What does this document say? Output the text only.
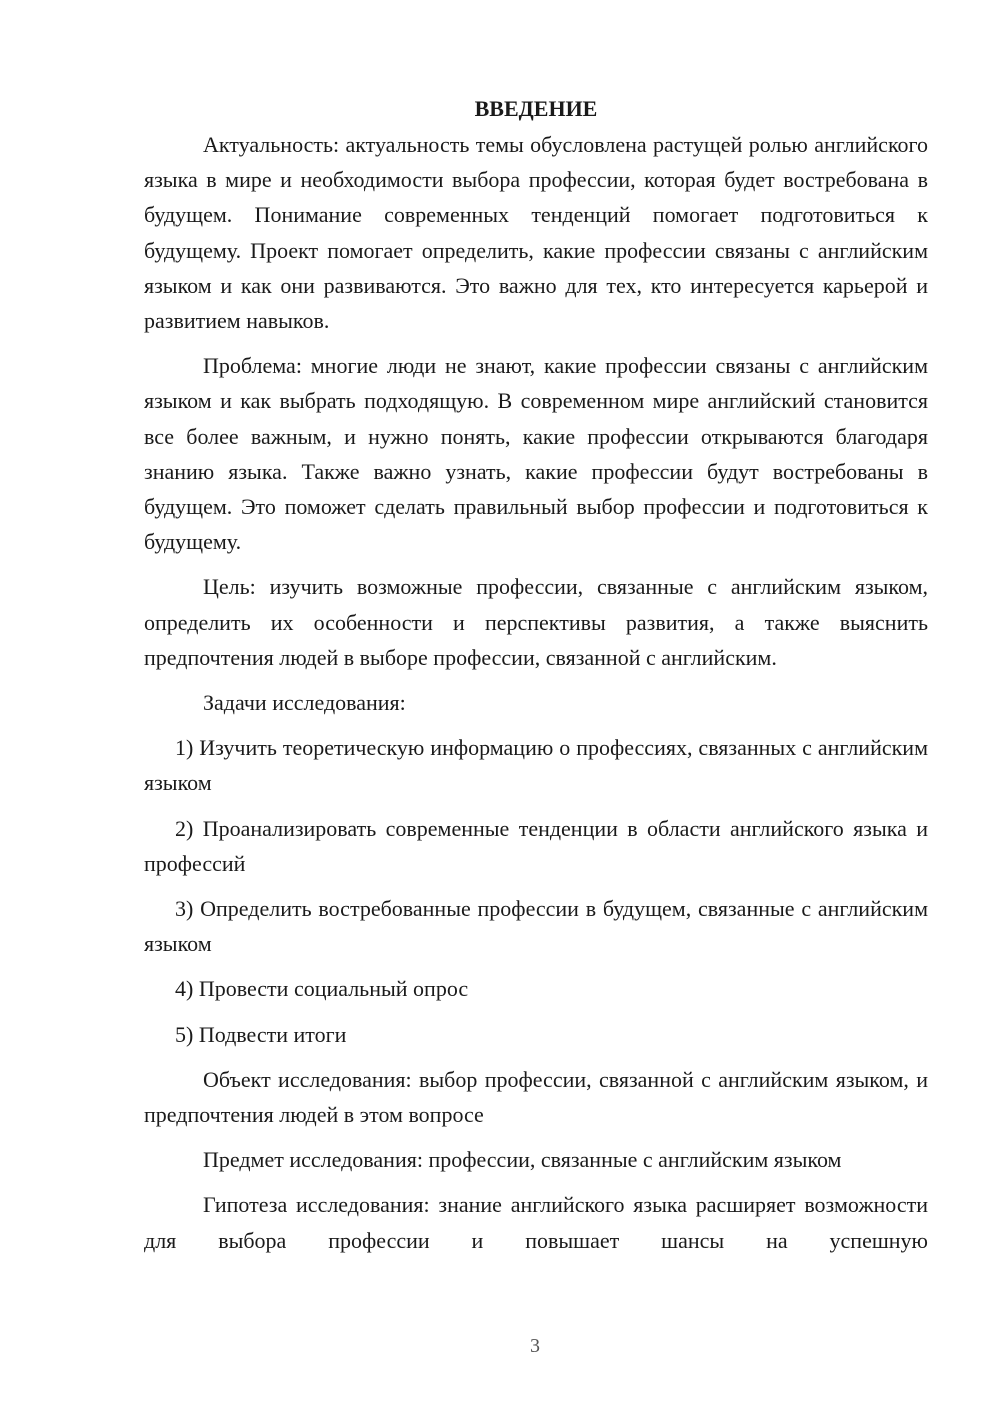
ВВЕДЕНИЕ

Актуальность: актуальность темы обусловлена растущей ролью английского языка в мире и необходимости выбора профессии, которая будет востребована в будущем. Понимание современных тенденций помогает подготовиться к будущему. Проект помогает определить, какие профессии связаны с английским языком и как они развиваются. Это важно для тех, кто интересуется карьерой и развитием навыков.

Проблема: многие люди не знают, какие профессии связаны с английским языком и как выбрать подходящую. В современном мире английский становится все более важным, и нужно понять, какие профессии открываются благодаря знанию языка. Также важно узнать, какие профессии будут востребованы в будущем. Это поможет сделать правильный выбор профессии и подготовиться к будущему.

Цель: изучить возможные профессии, связанные с английским языком, определить их особенности и перспективы развития, а также выяснить предпочтения людей в выборе профессии, связанной с английским.

Задачи исследования:

1) Изучить теоретическую информацию о профессиях, связанных с английским языком

2) Проанализировать современные тенденции в области английского языка и профессий

3) Определить востребованные профессии в будущем, связанные с английским языком

4) Провести социальный опрос

5) Подвести итоги

Объект исследования: выбор профессии, связанной с английским языком, и предпочтения людей в этом вопросе

Предмет исследования: профессии, связанные с английским языком

Гипотеза исследования: знание английского языка расширяет возможности для выбора профессии и повышает шансы на успешную

3
